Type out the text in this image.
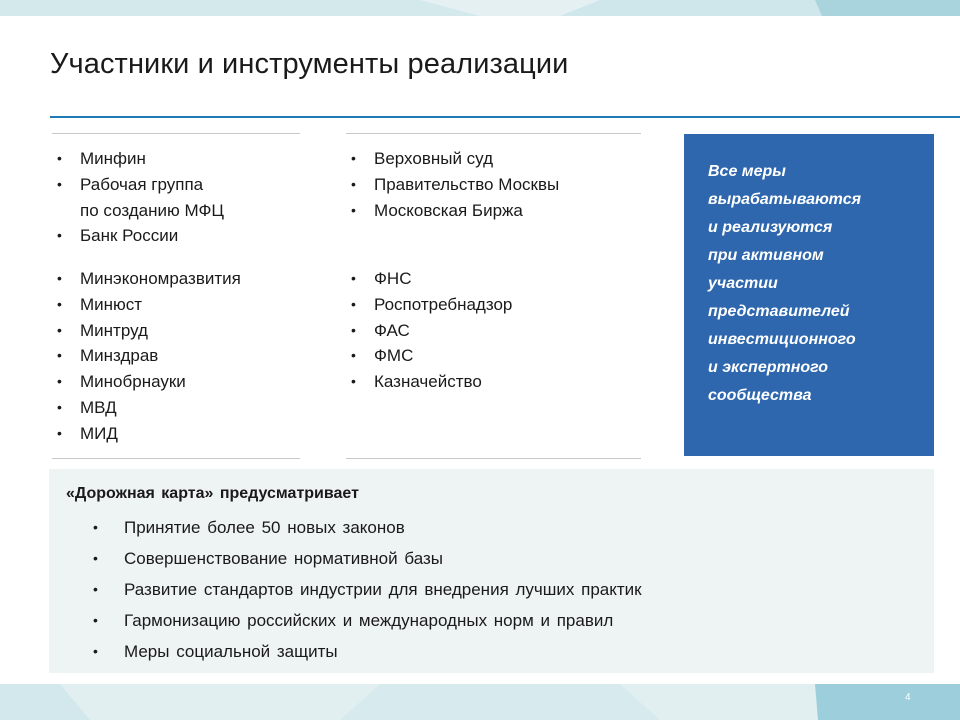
Участники и инструменты реализации
• Минфин
• Рабочая группа
по созданию МФЦ
• Банк России
• Минэкономразвития
• Минюст
• Минтруд
• Минздрав
• Минобрнауки
• МВД
• МИД
• Верховный суд
• Правительство Москвы
• Московская Биржа
• ФНС
• Роспотребнадзор
• ФАС
• ФМС
• Казначейство
Все меры
вырабатываются
и реализуются
при активном
участии
представителей
инвестиционного
и экспертного
сообщества
«Дорожная карта» предусматривает
• Принятие более 50 новых законов
• Совершенствование нормативной базы
• Развитие стандартов индустрии для внедрения лучших практик
• Гармонизацию российских и международных норм и правил
• Меры социальной защиты
4
